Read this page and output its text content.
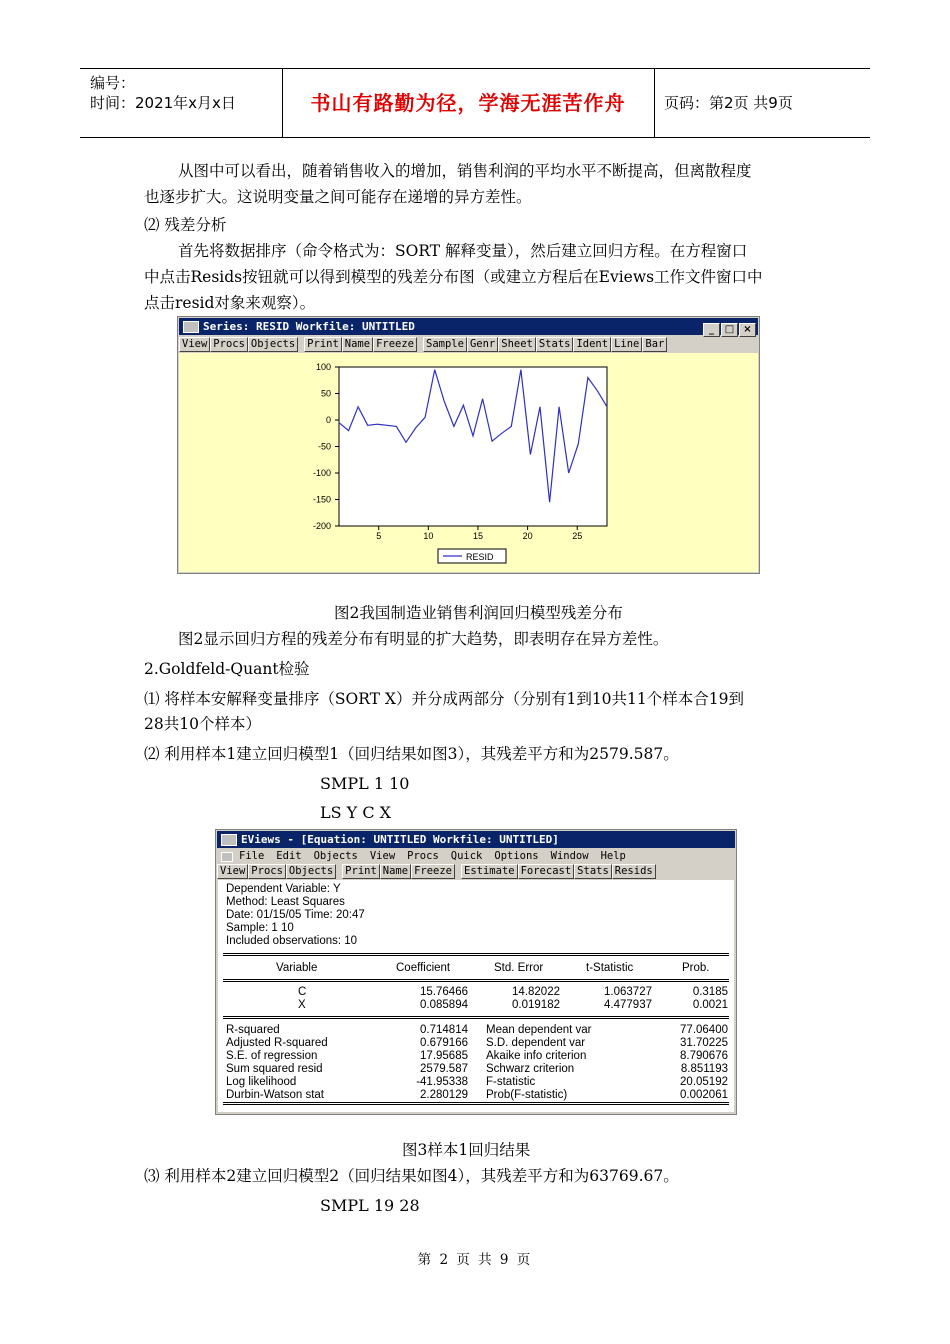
编号：
时间：2021年x月x日	书山有路勤为径，学海无涯苦作舟	页码：第2页 共9页
从图中可以看出，随着销售收入的增加，销售利润的平均水平不断提高，但离散程度
也逐步扩大。这说明变量之间可能存在递增的异方差性。
⑵ 残差分析
首先将数据排序（命令格式为：SORT 解释变量），然后建立回归方程。在方程窗口
中点击Resids按钮就可以得到模型的残差分布图（或建立方程后在Eviews工作文件窗口中
点击resid对象来观察）。
Series: RESID Workfile: UNTITLED	_ □ ×
View Procs Objects Print Name Freeze Sample Genr Sheet Stats Ident Line Bar
100
50
0
-50
-100
-150
-200
5	10	15	20	25
RESID
图2我国制造业销售利润回归模型残差分布
图2显示回归方程的残差分布有明显的扩大趋势，即表明存在异方差性。
2.Goldfeld-Quant检验
⑴ 将样本安解释变量排序（SORT X）并分成两部分（分别有1到10共11个样本合19到
28共10个样本）
⑵ 利用样本1建立回归模型1（回归结果如图3），其残差平方和为2579.587。
SMPL 1 10
LS Y C X
EViews - [Equation: UNTITLED Workfile: UNTITLED]
File Edit Objects View Procs Quick Options Window Help
View Procs Objects Print Name Freeze Estimate Forecast Stats Resids
Dependent Variable: Y
Method: Least Squares
Date: 01/15/05 Time: 20:47
Sample: 1 10
Included observations: 10
Variable	Coefficient	Std. Error	t-Statistic	Prob.
C	15.76466	14.82022	1.063727	0.3185
X	0.085894	0.019182	4.477937	0.0021
R-squared	0.714814 Mean dependent var	77.06400
Adjusted R-squared	0.679166 S.D. dependent var	31.70225
S.E. of regression	17.95685 Akaike info criterion	8.790676
Sum squared resid	2579.587 Schwarz criterion	8.851193
Log likelihood	-41.95338 F-statistic	20.05192
Durbin-Watson stat	2.280129 Prob(F-statistic)	0.002061
图3样本1回归结果
⑶ 利用样本2建立回归模型2（回归结果如图4），其残差平方和为63769.67。
SMPL 19 28
第 2 页 共 9 页
